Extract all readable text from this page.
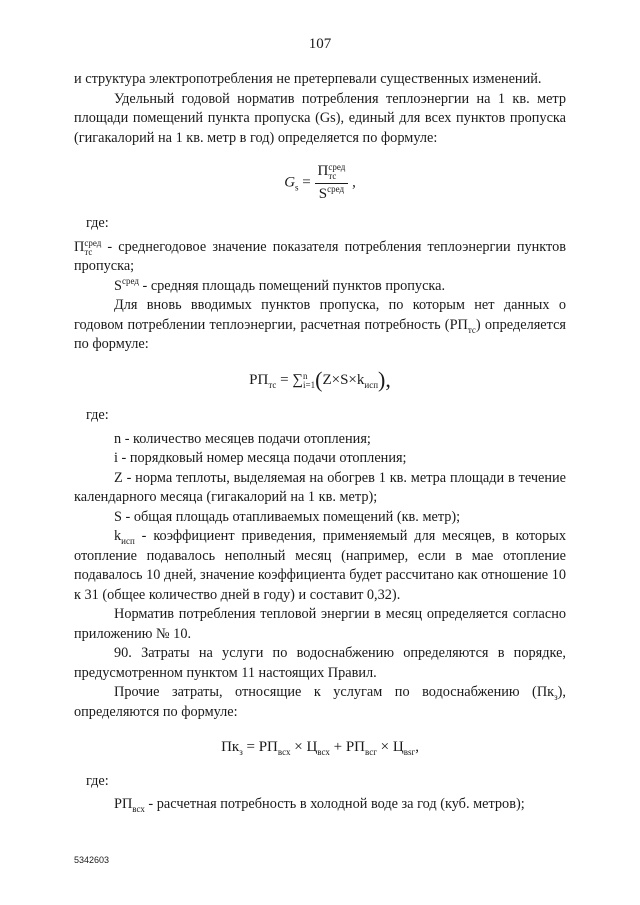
107

и структура электропотребления не претерпевали существенных изменений.

Удельный годовой норматив потребления теплоэнергии на 1 кв. метр площади помещений пункта пропуска (Gs), единый для всех пунктов пропуска (гигакалорий на 1 кв. метр в год) определяется по формуле:

$G_s = П$ сред
тс
$S^{сред}$ ,

где:

П сред
тс - среднегодовое значение показателя потребления теплоэнергии пунктов пропуска;

$S^{сред}$ - средняя площадь помещений пунктов пропуска.

Для вновь вводимых пунктов пропуска, по которым нет данных о годовом потреблении теплоэнергии, расчетная потребность $(РП_{тс})$ определяется по формуле:

$РП_{тс}$ = ∑ n
i=1 $(Z\times S\times k_{исп})$,

где:

n - количество месяцев подачи отопления;

i - порядковый номер месяца подачи отопления;

Z - норма теплоты, выделяемая на обогрев 1 кв. метра площади в течение календарного месяца (гигакалорий на 1 кв. метр);

S - общая площадь отапливаемых помещений (кв. метр);

$k_{исп}$ - коэффициент приведения, применяемый для месяцев, в которых отопление подавалось неполный месяц (например, если в мае отопление подавалось 10 дней, значение коэффициента будет рассчитано как отношение 10 к 31 (общее количество дней в году) и составит 0,32).

Норматив потребления тепловой энергии в месяц определяется согласно приложению № 10.

90. Затраты на услуги по водоснабжению определяются в порядке, предусмотренном пунктом 11 настоящих Правил.

Прочие затраты, относящие к услугам по водоснабжению $(Пк_з)$, определяются по формуле:

$Пк_з = РП_{всх} \times Ц_{всх} + РП_{всг} \times Ц_{вsг}$,

где:

$РП_{всх}$ - расчетная потребность в холодной воде за год (куб. метров);

5342603
